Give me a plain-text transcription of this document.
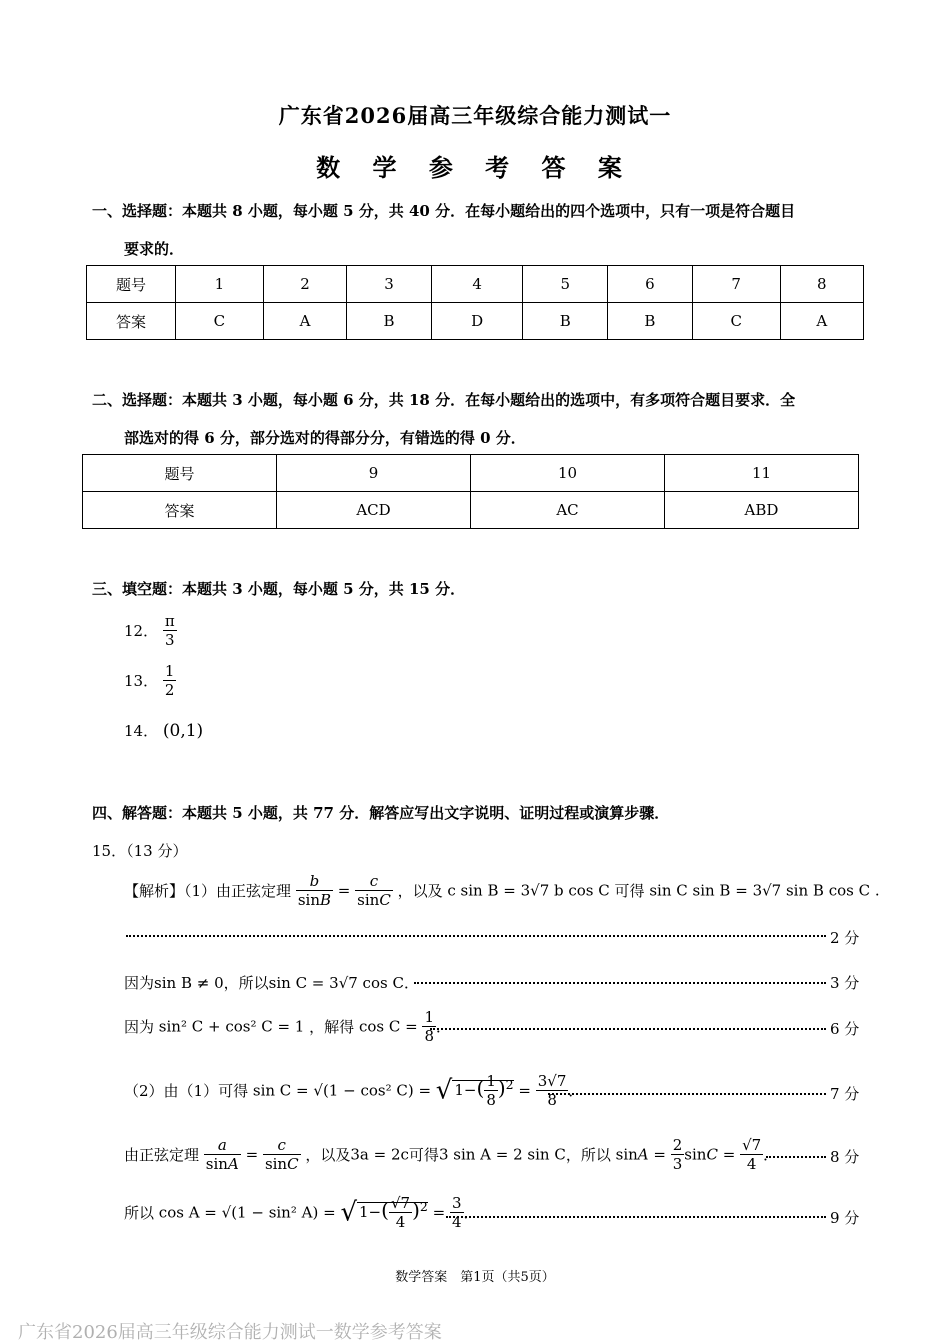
广东省2026届高三年级综合能力测试一
数 学 参 考 答 案
一、选择题：本题共 8 小题，每小题 5 分，共 40 分．在每小题给出的四个选项中，只有一项是符合题目
要求的．
题号	1	2	3	4	5	6	7	8
答案	C	A	B	D	B	B	C	A
二、选择题：本题共 3 小题，每小题 6 分，共 18 分．在每小题给出的选项中，有多项符合题目要求．全
部选对的得 6 分，部分选对的得部分分，有错选的得 0 分．
题号	9	10	11
答案	ACD	AC	ABD
三、填空题：本题共 3 小题，每小题 5 分，共 15 分．
12． $\frac{\pi}{3}$
13． $\frac{1}{2}$
14． (0,1)
四、解答题：本题共 5 小题，共 77 分．解答应写出文字说明、证明过程或演算步骤．
15．（13 分）
【解析】（1）由正弦定理 $\frac{b}{\sin B} = \frac{c}{\sin C}$ ，以及 c sin B = 3√7 b cos C 可得 sin C sin B = 3√7 sin B cos C .
2 分
因为sin B ≠ 0，所以sin C = 3√7 cos C．	3 分
因为 sin² C + cos² C = 1 ，解得 $\cos C = \frac{1}{8}$ ．	6 分
（2）由（1）可得 sin C = √(1 − cos² C) = √ $1-( \frac{1}{8} )^2 = \frac{3√7}{8}$ ．	7 分
由正弦定理 $\frac{a}{\sin A} = \frac{c}{\sin C}$ ，以及3a = 2c可得3 sin A = 2 sin C，所以 $\sin A = \frac{2}{3}$ $\sin C = \frac{√7}{4}$ ．	8 分
所以 cos A = √(1 − sin² A) = √ $1-( \frac{√7}{4} )^2 = \frac{3}{4}$ ．	9 分
数学答案　第1页（共5页）
广东省2026届高三年级综合能力测试一数学参考答案
